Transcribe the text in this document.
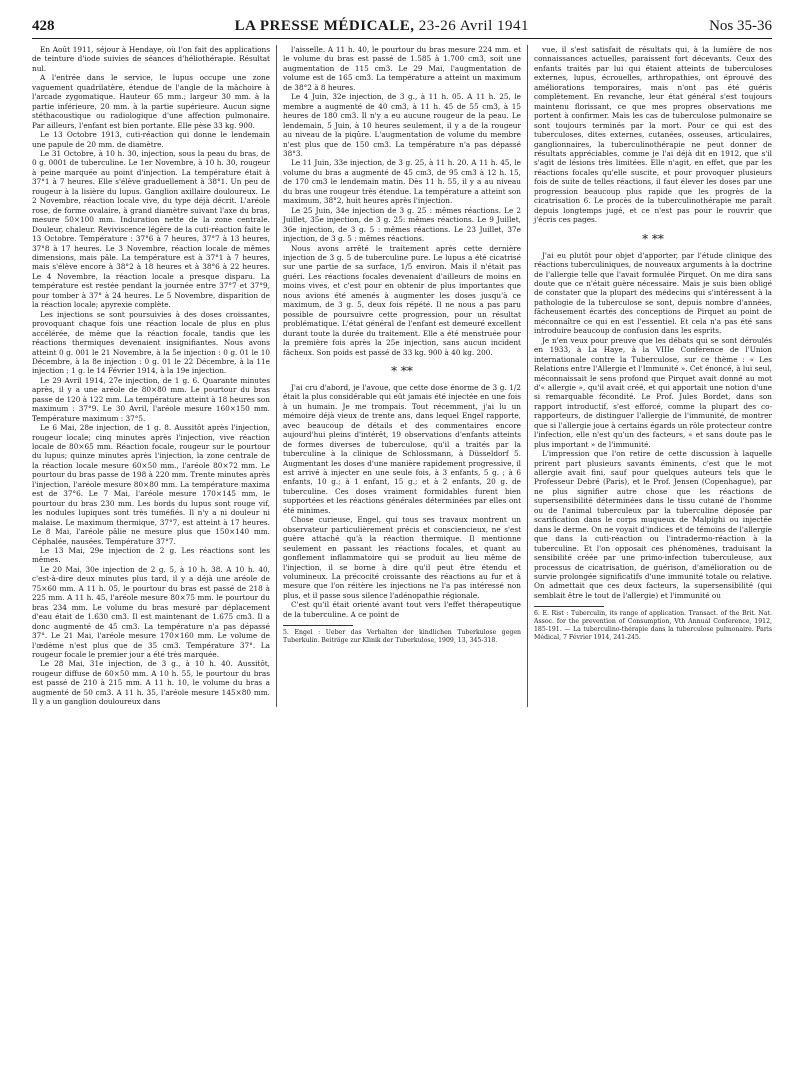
428	LA PRESSE MÉDICALE, 23-26 Avril 1941	Nos 35-36

En Août 1911, séjour à Hendaye, où l'on fait des applications de teinture d'iode suivies de séances d'héliothérapie. Résultat nul.

A l'entrée dans le service, le lupus occupe une zone vaguement quadrilatère, étendue de l'angle de la mâchoire à l'arcade zygomatique. Hauteur 65 mm.; largeur 30 mm. à la partie inférieure, 20 mm. à la partie supérieure. Aucun signe stéthacoustique ou radiologique d'une affection pulmonaire. Par ailleurs, l'enfant est bien portante. Elle pèse 33 kg. 900.

Le 13 Octobre 1913, cuti-réaction qui donne le lendemain une papule de 20 mm. de diamètre.

Le 31 Octobre, à 10 h. 30, injection, sous la peau du bras, de 0 g. 0001 de tuberculine. Le 1er Novembre, à 10 h. 30, rougeur à peine marquée au point d'injection. La température était à 37°1 à 7 heures. Elle s'élève graduellement à 38°1. Un peu de rougeur à la lisière du lupus. Ganglion axillaire douloureux. Le 2 Novembre, réaction locale vive, du type déjà décrit. L'aréole rose, de forme ovalaire, à grand diamètre suivant l'axe du bras, mesure 50×100 mm. Induration nette de la zone centrale. Douleur, chaleur. Reviviscence légère de la cuti-réaction faite le 13 Octobre. Température : 37°6 à 7 heures, 37°7 à 13 heures, 37°8 à 17 heures. Le 3 Novembre, réaction locale de mêmes dimensions, mais pâle. La température est à 37°1 à 7 heures, mais s'élève encore à 38°2 à 18 heures et à 38°6 à 22 heures. Le 4 Novembre, la réaction locale a presque disparu. La température est restée pendant la journée entre 37°7 et 37°9, pour tomber à 37° à 24 heures. Le 5 Novembre, disparition de la réaction locale; apyrexie complète.

Les injections se sont poursuivies à des doses croissantes, provoquant chaque fois une réaction locale de plus en plus accélérée, de même que la réaction focale, tandis que les réactions thermiques devenaient insignifiantes. Nous avons atteint 0 g. 001 le 21 Novembre, à la 5e injection : 0 g. 01 le 10 Décembre, à la 8e injection : 0 g. 01 le 22 Décembre, à la 11e injection ; 1 g. le 14 Février 1914, à la 19e injection.

Le 29 Avril 1914, 27e injection, de 1 g. 6. Quarante minutes après, il y a une aréole de 80×80 mm. Le pourtour du bras passe de 120 à 122 mm. La température atteint à 18 heures son maximum : 37°9. Le 30 Avril, l'aréole mesure 160×150 mm. Température maximum : 37°5.

Le 6 Mai, 28e injection, de 1 g. 8. Aussitôt après l'injection, rougeur locale; cinq minutes après l'injection, vive réaction locale de 80×65 mm. Réaction focale, rougeur sur le pourtour du lupus; quinze minutes après l'injection, la zone centrale de la réaction locale mesure 60×50 mm., l'aréole 80×72 mm. Le pourtour du bras passe de 198 à 220 mm. Trente minutes après l'injection, l'aréole mesure 80×80 mm. La température maxima est de 37°6. Le 7 Mai, l'aréole mesure 170×145 mm, le pourtour du bras 230 mm. Les bords du lupus sont rouge vif, les nodules lupiques sont très tuméfiés. Il n'y a ni douleur ni malaise. Le maximum thermique, 37°7, est atteint à 17 heures. Le 8 Mai, l'aréole pâlie ne mesure plus que 150×140 mm. Céphalée, nausées. Température 37°7.

Le 13 Mai, 29e injection de 2 g. Les réactions sont les mêmes.

Le 20 Mai, 30e injection de 2 g. 5, à 10 h. 38. A 10 h. 40, c'est-à-dire deux minutes plus tard, il y a déjà une aréole de 75×60 mm. A 11 h. 05, le pourtour du bras est passé de 218 à 225 mm. A 11 h. 45, l'aréole mesure 80×75 mm. le pourtour du bras 234 mm. Le volume du bras mesuré par déplacement d'eau était de 1.630 cm3. Il est maintenant de 1.675 cm3. Il a donc augmenté de 45 cm3. La température n'a pas dépassé 37°. Le 21 Mai, l'aréole mesure 170×160 mm. Le volume de l'œdème n'est plus que de 35 cm3. Température 37°. La rougeur focale le premier jour a été très marquée.

Le 28 Mai, 31e injection, de 3 g., à 10 h. 40. Aussitôt, rougeur diffuse de 60×50 mm. A 10 h. 55, le pourtour du bras est passé de 210 à 215 mm. A 11 h. 10, le volume du bras a augmenté de 50 cm3. A 11 h. 35, l'aréole mesure 145×80 mm. Il y a un ganglion douloureux dans

l'aisselle. A 11 h. 40, le pourtour du bras mesure 224 mm. et le volume du bras est passé de 1.585 à 1.700 cm3, soit une augmentation de 115 cm3. Le 29 Mai, l'augmentation de volume est de 165 cm3. La température a atteint un maximum de 38°2 à 8 heures.

Le 4 Juin, 32e injection, de 3 g., à 11 h. 05. A 11 h. 25, le membre a augmenté de 40 cm3, à 11 h. 45 de 55 cm3, à 15 heures de 180 cm3. Il n'y a eu aucune rougeur de la peau. Le lendemain, 5 Juin, à 10 heures seulement, il y a de la rougeur au niveau de la piqûre. L'augmentation de volume du membre n'est plus que de 150 cm3. La température n'a pas dépassé 38°3.

Le 11 Juin, 33e injection, de 3 g. 25, à 11 h. 20. A 11 h. 45, le volume du bras a augmenté de 45 cm3, de 95 cm3 à 12 h. 15, de 170 cm3 le lendemain matin. Dès 11 h. 55, il y a au niveau du bras une rougeur très étendue. La température a atteint son maximum, 38°2, huit heures après l'injection.

Le 25 Juin, 34e injection de 3 g. 25 : mêmes réactions. Le 2 Juillet, 35e injection, de 3 g. 25: mêmes réactions. Le 9 Juillet, 36e injection, de 3 g. 5 : mêmes réactions. Le 23 Juillet, 37e injection, de 3 g. 5 : mêmes réactions.

Nous avons arrêté le traitement après cette dernière injection de 3 g. 5 de tuberculine pure. Le lupus a été cicatrisé sur une partie de sa surface, 1/5 environ. Mais il n'était pas guéri. Les réactions focales devenaient d'ailleurs de moins en moins vives, et c'est pour en obtenir de plus importantes que nous avions été amenés à augmenter les doses jusqu'à ce maximum, de 3 g. 5, deux fois répété. Il ne nous a pas paru possible de poursuivre cette progression, pour un résultat problématique. L'état général de l'enfant est demeuré excellent durant toute la durée du traitement. Elle a été menstruée pour la première fois après la 25e injection, sans aucun incident fâcheux. Son poids est passé de 33 kg. 900 à 40 kg. 200.

* **

J'ai cru d'abord, je l'avoue, que cette dose énorme de 3 g. 1/2 était la plus considérable qui eût jamais été injectée en une fois à un humain. Je me trompais. Tout récemment, j'ai lu un mémoire déjà vieux de trente ans, dans lequel Engel rapporte, avec beaucoup de détails et des commentaires encore aujourd'hui pleins d'intérêt, 19 observations d'enfants atteints de formes diverses de tuberculose, qu'il a traités par la tuberculine à la clinique de Schlossmann, à Düsseldorf 5. Augmentant les doses d'une manière rapidement progressive, il est arrivé à injecter en une seule fois, à 3 enfants, 5 g. ; à 6 enfants, 10 g.; à 1 enfant, 15 g.; et à 2 enfants, 20 g. de tuberculine. Ces doses vraiment formidables furent bien supportées et les réactions générales déterminées par elles ont été minimes.

Chose curieuse, Engel, qui tous ses travaux montrent un observateur particulièrement précis et consciencieux, ne s'est guère attaché qu'à la réaction thermique. Il mentionne seulement en passant les réactions focales, et quant au gonflement inflammatoire qui se produit au lieu même de l'injection, il se borne à dire qu'il peut être étendu et volumineux. La précocité croissante des réactions au fur et à mesure que l'on réitère les injections ne l'a pas intéressé non plus, et il passe sous silence l'adénopathie régionale.

C'est qu'il était orienté avant tout vers l'effet thérapeutique de la tuberculine. A ce point de

5. Engel : Ueber das Verhalten der kindlichen Tuberkulose gegen Tuberkulin. Beiträge zur Klinik der Tuberkulose, 1909, 13, 345-318.

vue, il s'est satisfait de résultats qui, à la lumière de nos connaissances actuelles, paraissent fort décevants. Ceux des enfants traités par lui qui étaient atteints de tuberculoses externes, lupus, écrouelles, arthropathies, ont éprouvé des améliorations temporaires, mais n'ont pas été guéris complètement. En revanche, leur état général s'est toujours maintenu florissant, ce que mes propres observations me portent à confirmer. Mais les cas de tuberculose pulmonaire se sont toujours terminés par la mort. Pour ce qui est des tuberculoses, dites externes, cutanées, osseuses, articulaires, ganglionnaires, la tuberculinothérapie ne peut donner de résultats appréciables, comme je l'ai déjà dit en 1912, que s'il s'agit de lésions très limitées. Elle n'agit, en effet, que par les réactions focales qu'elle suscite, et pour provoquer plusieurs fois de suite de telles réactions, il faut élever les doses par une progression beaucoup plus rapide que les progrès de la cicatrisation 6. Le procès de la tuberculinothérapie me paraît depuis longtemps jugé, et ce n'est pas pour le rouvrir que j'écris ces pages.

* **

J'ai eu plutôt pour objet d'apporter, par l'étude clinique des réactions tuberculiniques, de nouveaux arguments à la doctrine de l'allergie telle que l'avait formulée Pirquet. On me dira sans doute que ce n'était guère nécessaire. Mais je suis bien obligé de constater que la plupart des médecins qui s'intéressent à la pathologie de la tuberculose se sont, depuis nombre d'années, fâcheusement écartés des conceptions de Pirquet au point de méconnaître ce qui en est l'essentiel. Et cela n'a pas été sans introduire beaucoup de confusion dans les esprits.

Je n'en veux pour preuve que les débats qui se sont déroulés en 1933, à La Haye, à la VIIIe Conférence de l'Union internationale contre la Tuberculose, sur ce thème : « Les Relations entre l'Allergie et l'Immunité ». Cet énoncé, à lui seul, méconnaissait le sens profond que Pirquet avait donné au mot d'« allergie », qu'il avait créé, et qui apportait une notion d'une si remarquable fécondité. Le Prof. Jules Bordet, dans son rapport introductif, s'est efforcé, comme la plupart des co-rapporteurs, de distinguer l'allergie de l'immunité, de montrer que si l'allergie joue à certains égards un rôle protecteur contre l'infection, elle n'est qu'un des facteurs, « et sans doute pas le plus important » de l'immunité.

L'impression que l'on retire de cette discussion à laquelle prirent part plusieurs savants éminents, c'est que le mot allergie avait fini, sauf pour quelques auteurs tels que le Professeur Debré (Paris), et le Prof. Jensen (Copenhague), par ne plus signifier autre chose que les réactions de supersensibilité déterminées dans le tissu cutané de l'homme ou de l'animal tuberculeux par la tuberculine déposée par scarification dans le corps muqueux de Malpighi ou injectée dans le derme. On ne voyait d'indices et de témoins de l'allergie que dans la cuti-réaction ou l'intradermo-réaction à la tuberculine. Et l'on opposait ces phénomènes, traduisant la sensibilité créée par une primo-infection tuberculeuse, aux processus de cicatrisation, de guérison, d'amélioration ou de survie prolongée significatifs d'une immunité totale ou relative. On admettait que ces deux facteurs, la supersensibilité (qui semblait être le tout de l'allergie) et l'immunité ou

6. E. Rist : Tuberculin, its range of application. Transact. of the Brit. Nat. Assoc. for the prevention of Consumption, Vth Annual Conference, 1912, 185-191. — La tuberculino-thérapie dans la tuberculose pulmonaire. Paris Médical, 7 Février 1914, 241-245.
